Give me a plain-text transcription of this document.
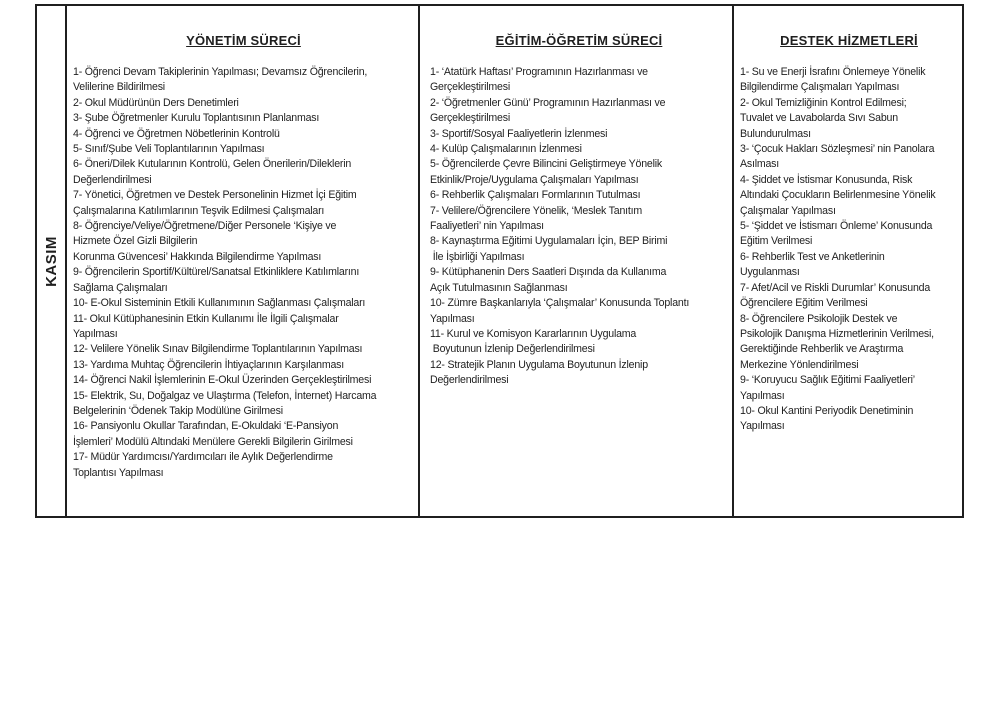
KASIM
YÖNETİM SÜRECİ
1- Öğrenci Devam Takiplerinin Yapılması; Devamsız Öğrencilerin,
Velilerine Bildirilmesi
2- Okul Müdürünün Ders Denetimleri
3- Şube Öğretmenler Kurulu Toplantısının Planlanması
4- Öğrenci ve Öğretmen Nöbetlerinin Kontrolü
5- Sınıf/Şube Veli Toplantılarının Yapılması
6- Öneri/Dilek Kutularının Kontrolü, Gelen Önerilerin/Dileklerin
Değerlendirilmesi
7- Yönetici, Öğretmen ve Destek Personelinin Hizmet İçi Eğitim
Çalışmalarına Katılımlarının Teşvik Edilmesi Çalışmaları
8- Öğrenciye/Veliye/Öğretmene/Diğer Personele ‘Kişiye ve
Hizmete Özel Gizli Bilgilerin
Korunma Güvencesi’ Hakkında Bilgilendirme Yapılması
9- Öğrencilerin Sportif/Kültürel/Sanatsal Etkinliklere Katılımlarını
Sağlama Çalışmaları
10- E-Okul Sisteminin Etkili Kullanımının Sağlanması Çalışmaları
11- Okul Kütüphanesinin Etkin Kullanımı İle İlgili Çalışmalar
Yapılması
12- Velilere Yönelik Sınav Bilgilendirme Toplantılarının Yapılması
13- Yardıma Muhtaç Öğrencilerin İhtiyaçlarının Karşılanması
14- Öğrenci Nakil İşlemlerinin E-Okul Üzerinden Gerçekleştirilmesi
15- Elektrik, Su, Doğalgaz ve Ulaştırma (Telefon, İnternet) Harcama
Belgelerinin ‘Ödenek Takip Modülüne Girilmesi
16- Pansiyonlu Okullar Tarafından, E-Okuldaki ‘E-Pansiyon
İşlemleri’ Modülü Altındaki Menülere Gerekli Bilgilerin Girilmesi
17- Müdür Yardımcısı/Yardımcıları ile Aylık Değerlendirme
Toplantısı Yapılması
EĞİTİM-ÖĞRETİM SÜRECİ
1- ‘Atatürk Haftası’ Programının Hazırlanması ve
Gerçekleştirilmesi
2- ‘Öğretmenler Günü’ Programının Hazırlanması ve
Gerçekleştirilmesi
3- Sportif/Sosyal Faaliyetlerin İzlenmesi
4- Kulüp Çalışmalarının İzlenmesi
5- Öğrencilerde Çevre Bilincini Geliştirmeye Yönelik
Etkinlik/Proje/Uygulama Çalışmaları Yapılması
6- Rehberlik Çalışmaları Formlarının Tutulması
7- Velilere/Öğrencilere Yönelik, ‘Meslek Tanıtım
Faaliyetleri’ nin Yapılması
8- Kaynaştırma Eğitimi Uygulamaları İçin, BEP Birimi
İle İşbirliği Yapılması
9- Kütüphanenin Ders Saatleri Dışında da Kullanıma
Açık Tutulmasının Sağlanması
10- Zümre Başkanlarıyla ‘Çalışmalar’ Konusunda Toplantı
Yapılması
11- Kurul ve Komisyon Kararlarının Uygulama
Boyutunun İzlenip Değerlendirilmesi
12- Stratejik Planın Uygulama Boyutunun İzlenip
Değerlendirilmesi
DESTEK HİZMETLERİ
1- Su ve Enerji İsrafını Önlemeye Yönelik
Bilgilendirme Çalışmaları Yapılması
2- Okul Temizliğinin Kontrol Edilmesi;
Tuvalet ve Lavabolarda Sıvı Sabun
Bulundurulması
3- ‘Çocuk Hakları Sözleşmesi’ nin Panolara
Asılması
4- Şiddet ve İstismar Konusunda, Risk
Altındaki Çocukların Belirlenmesine Yönelik
Çalışmalar Yapılması
5- ‘Şiddet ve İstismarı Önleme’ Konusunda
Eğitim Verilmesi
6- Rehberlik Test ve Anketlerinin
Uygulanması
7- Afet/Acil ve Riskli Durumlar’ Konusunda
Öğrencilere Eğitim Verilmesi
8- Öğrencilere Psikolojik Destek ve
Psikolojik Danışma Hizmetlerinin Verilmesi,
Gerektiğinde Rehberlik ve Araştırma
Merkezine Yönlendirilmesi
9- ‘Koruyucu Sağlık Eğitimi Faaliyetleri’
Yapılması
10- Okul Kantini Periyodik Denetiminin
Yapılması
